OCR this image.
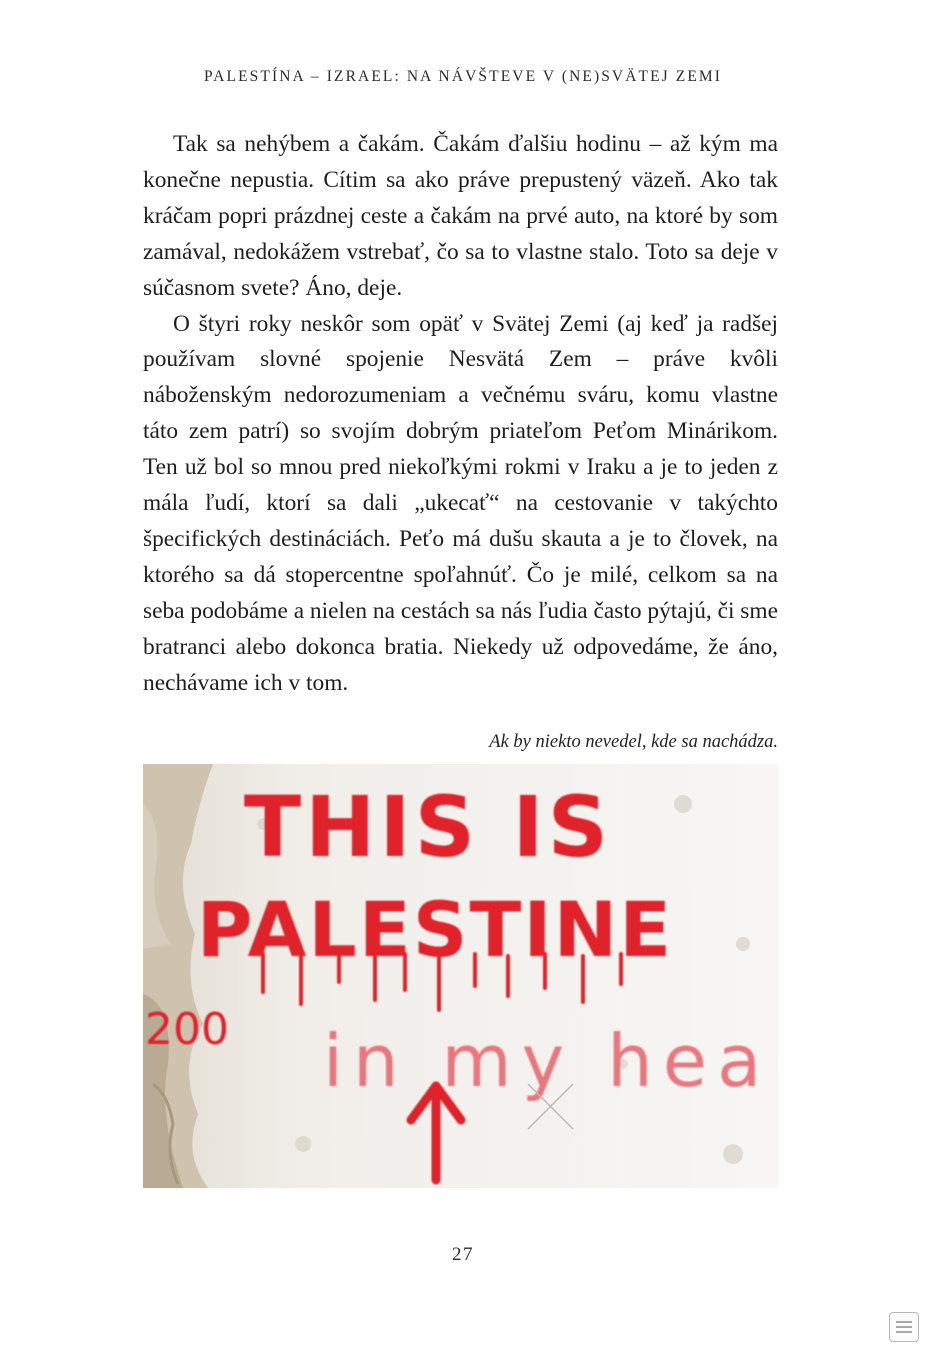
PALESTÍNA – IZRAEL: NA NÁVŠTEVE V (NE)SVÄTEJ ZEMI

Tak sa nehýbem a čakám. Čakám ďalšiu hodinu – až kým ma konečne nepustia. Cítim sa ako práve prepustený väzeň. Ako tak kráčam popri prázdnej ceste a čakám na prvé auto, na ktoré by som zamával, nedokážem vstrebať, čo sa to vlastne stalo. Toto sa deje v súčasnom svete? Áno, deje.

O štyri roky neskôr som opäť v Svätej Zemi (aj keď ja radšej používam slovné spojenie Nesvätá Zem – práve kvôli náboženským nedorozumeniam a večnému sváru, komu vlastne táto zem patrí) so svojím dobrým priateľom Peťom Minárikom. Ten už bol so mnou pred niekoľkými rokmi v Iraku a je to jeden z mála ľudí, ktorí sa dali „ukecať“ na cestovanie v takýchto špecifických destináciách. Peťo má dušu skauta a je to človek, na ktorého sa dá stopercentne spoľahnúť. Čo je milé, celkom sa na seba podobáme a nielen na cestách sa nás ľudia často pýtajú, či sme bratranci alebo dokonca bratia. Niekedy už odpovedáme, že áno, nechávame ich v tom.

Ak by niekto nevedel, kde sa nachádza.
THIS IS
PALESTINE
in my hea
200
27
